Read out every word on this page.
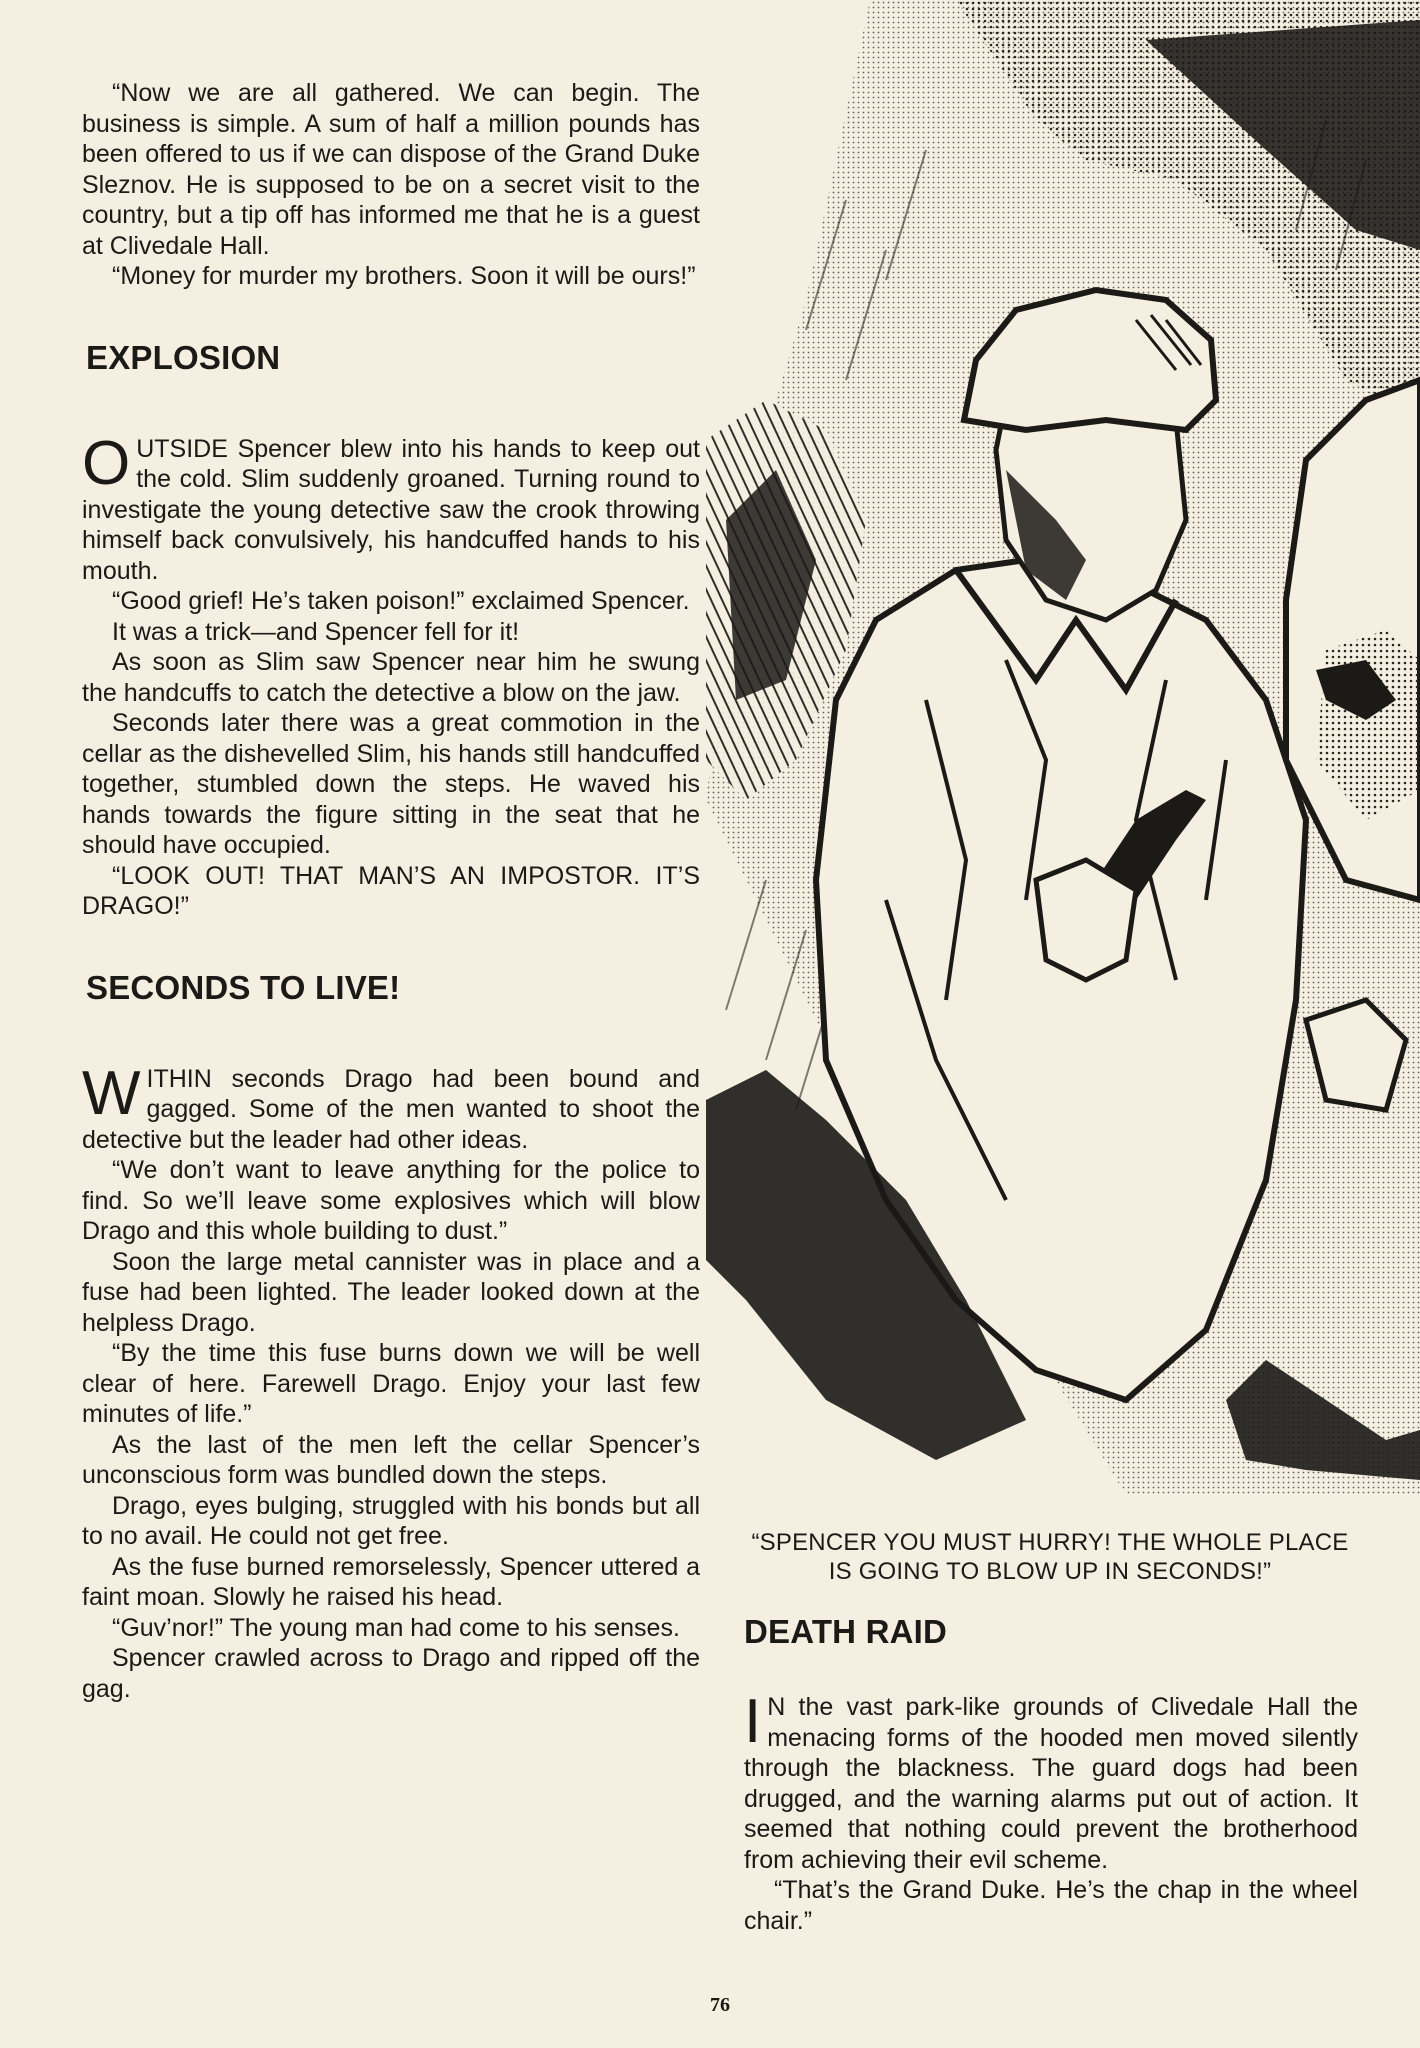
“Now we are all gathered. We can begin. The business is simple. A sum of half a million pounds has been offered to us if we can dispose of the Grand Duke Sleznov. He is supposed to be on a secret visit to the country, but a tip off has informed me that he is a guest at Clivedale Hall.

“Money for murder my brothers. Soon it will be ours!”

EXPLOSION

OUTSIDE Spencer blew into his hands to keep out the cold. Slim suddenly groaned. Turning round to investigate the young detective saw the crook throwing himself back convulsively, his handcuffed hands to his mouth.

“Good grief! He’s taken poison!” exclaimed Spencer.

It was a trick—and Spencer fell for it!

As soon as Slim saw Spencer near him he swung the handcuffs to catch the detective a blow on the jaw.

Seconds later there was a great commotion in the cellar as the dishevelled Slim, his hands still handcuffed together, stumbled down the steps. He waved his hands towards the figure sitting in the seat that he should have occupied.

“LOOK OUT! THAT MAN’S AN IMPOSTOR. IT’S DRAGO!”

SECONDS TO LIVE!

WITHIN seconds Drago had been bound and gagged. Some of the men wanted to shoot the detective but the leader had other ideas.

“We don’t want to leave anything for the police to find. So we’ll leave some explosives which will blow Drago and this whole building to dust.”

Soon the large metal cannister was in place and a fuse had been lighted. The leader looked down at the helpless Drago.

“By the time this fuse burns down we will be well clear of here. Farewell Drago. Enjoy your last few minutes of life.”

As the last of the men left the cellar Spencer’s unconscious form was bundled down the steps.

Drago, eyes bulging, struggled with his bonds but all to no avail. He could not get free.

As the fuse burned remorselessly, Spencer uttered a faint moan. Slowly he raised his head.

“Guv’nor!” The young man had come to his senses.

Spencer crawled across to Drago and ripped off the gag.

“SPENCER YOU MUST HURRY! THE WHOLE PLACE IS GOING TO BLOW UP IN SECONDS!”
DEATH RAID

I N the vast park-like grounds of Clivedale Hall the menacing forms of the hooded men moved silently through the blackness. The guard dogs had been drugged, and the warning alarms put out of action. It seemed that nothing could prevent the brotherhood from achieving their evil scheme.

“That’s the Grand Duke. He’s the chap in the wheel chair.”

76
